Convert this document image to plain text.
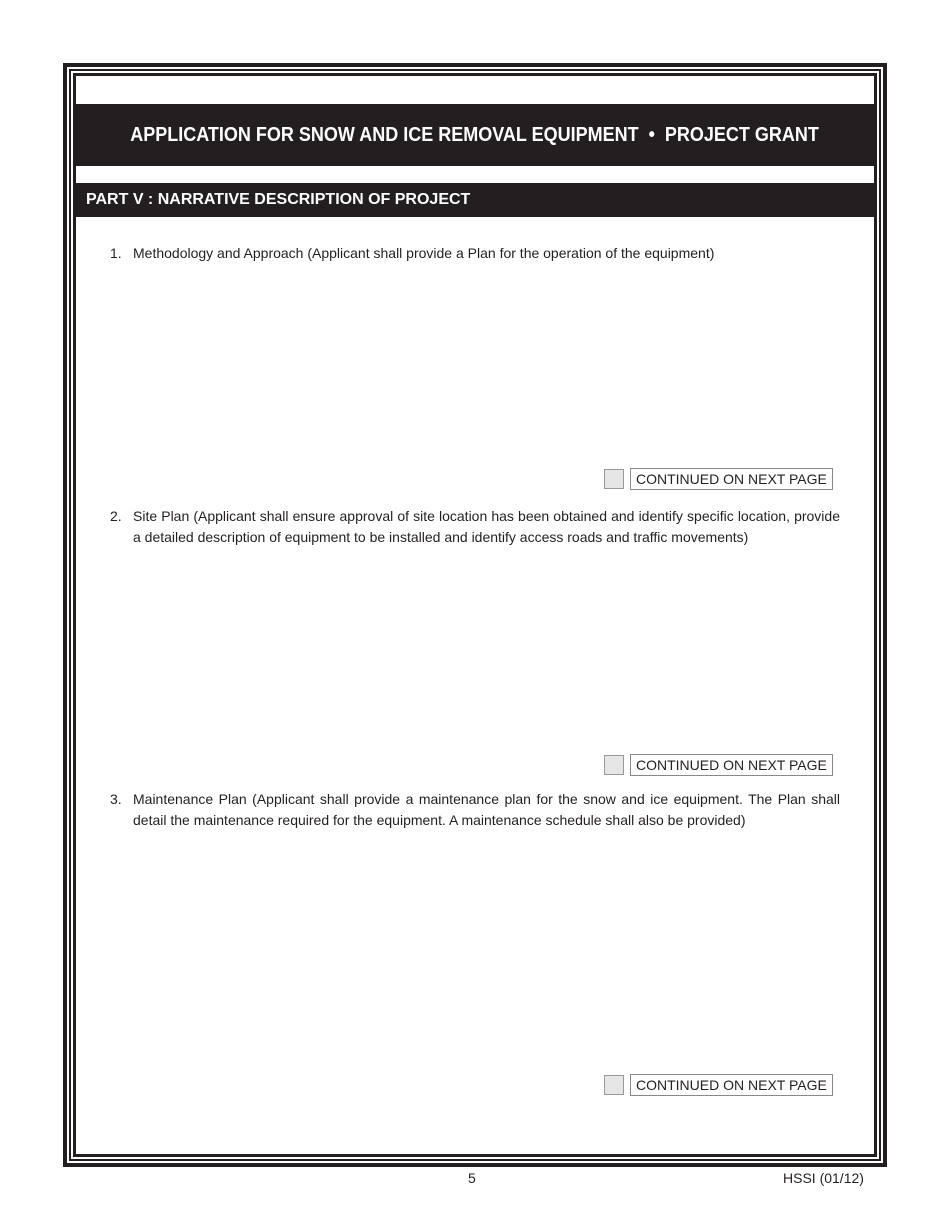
APPLICATION FOR SNOW AND ICE REMOVAL EQUIPMENT  •  PROJECT GRANT
PART V : NARRATIVE DESCRIPTION OF PROJECT
1. Methodology and Approach (Applicant shall provide a Plan for the operation of the equipment)
CONTINUED ON NEXT PAGE
2. Site Plan (Applicant shall ensure approval of site location has been obtained and identify specific location, provide a detailed description of equipment to be installed and identify access roads and traffic movements)
CONTINUED ON NEXT PAGE
3. Maintenance Plan (Applicant shall provide a maintenance plan for the snow and ice equipment. The Plan shall detail the maintenance required for the equipment. A maintenance schedule shall also be provided)
CONTINUED ON NEXT PAGE
5	HSSI (01/12)
